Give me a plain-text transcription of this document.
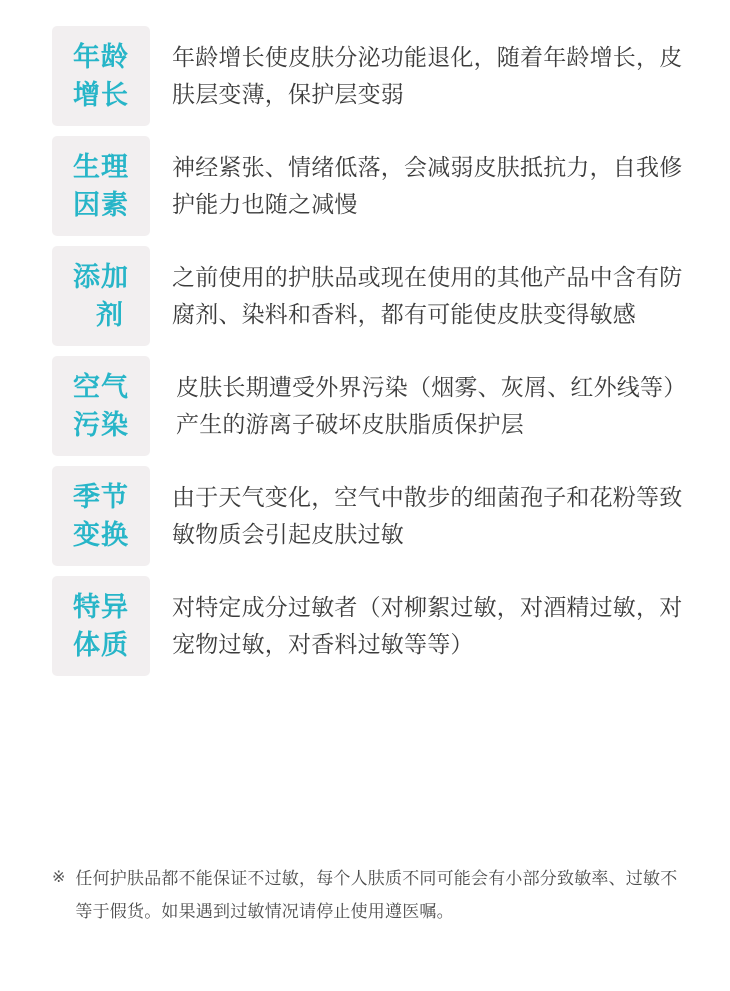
年龄
增长

年龄增长使皮肤分泌功能退化，随着年龄增长，皮肤层变薄，保护层变弱

生理
因素

神经紧张、情绪低落，会减弱皮肤抵抗力，自我修护能力也随之减慢

添加
剂

之前使用的护肤品或现在使用的其他产品中含有防腐剂、染料和香料，都有可能使皮肤变得敏感

空气
污染

皮肤长期遭受外界污染（烟雾、灰屑、红外线等）产生的游离子破坏皮肤脂质保护层

季节
变换

由于天气变化，空气中散步的细菌孢子和花粉等致敏物质会引起皮肤过敏

特异
体质

对特定成分过敏者（对柳絮过敏，对酒精过敏，对宠物过敏，对香料过敏等等）

※ 任何护肤品都不能保证不过敏，每个人肤质不同可能会有小部分致敏率、过敏不等于假货。如果遇到过敏情况请停止使用遵医嘱。
